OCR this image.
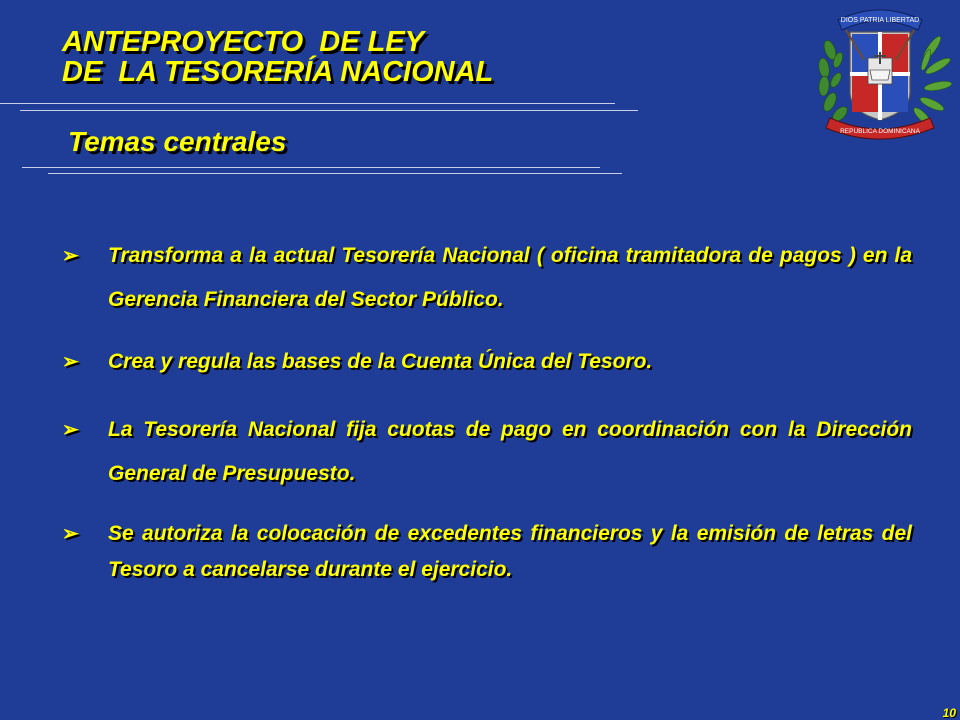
ANTEPROYECTO  DE LEY
DE  LA TESORERÍA NACIONAL
Temas centrales
DIOS PATRIA LIBERTAD
REPUBLICA DOMINICANA
➢ Transforma a la actual Tesorería Nacional ( oficina tramitadora de pagos ) en la Gerencia Financiera del Sector Público.
➢ Crea y regula las bases de la Cuenta Única del Tesoro.
➢ La Tesorería Nacional fija cuotas de pago en coordinación con la Dirección General de Presupuesto.
➢ Se autoriza la colocación de excedentes financieros y la emisión de letras del Tesoro a cancelarse durante el ejercicio.
10
